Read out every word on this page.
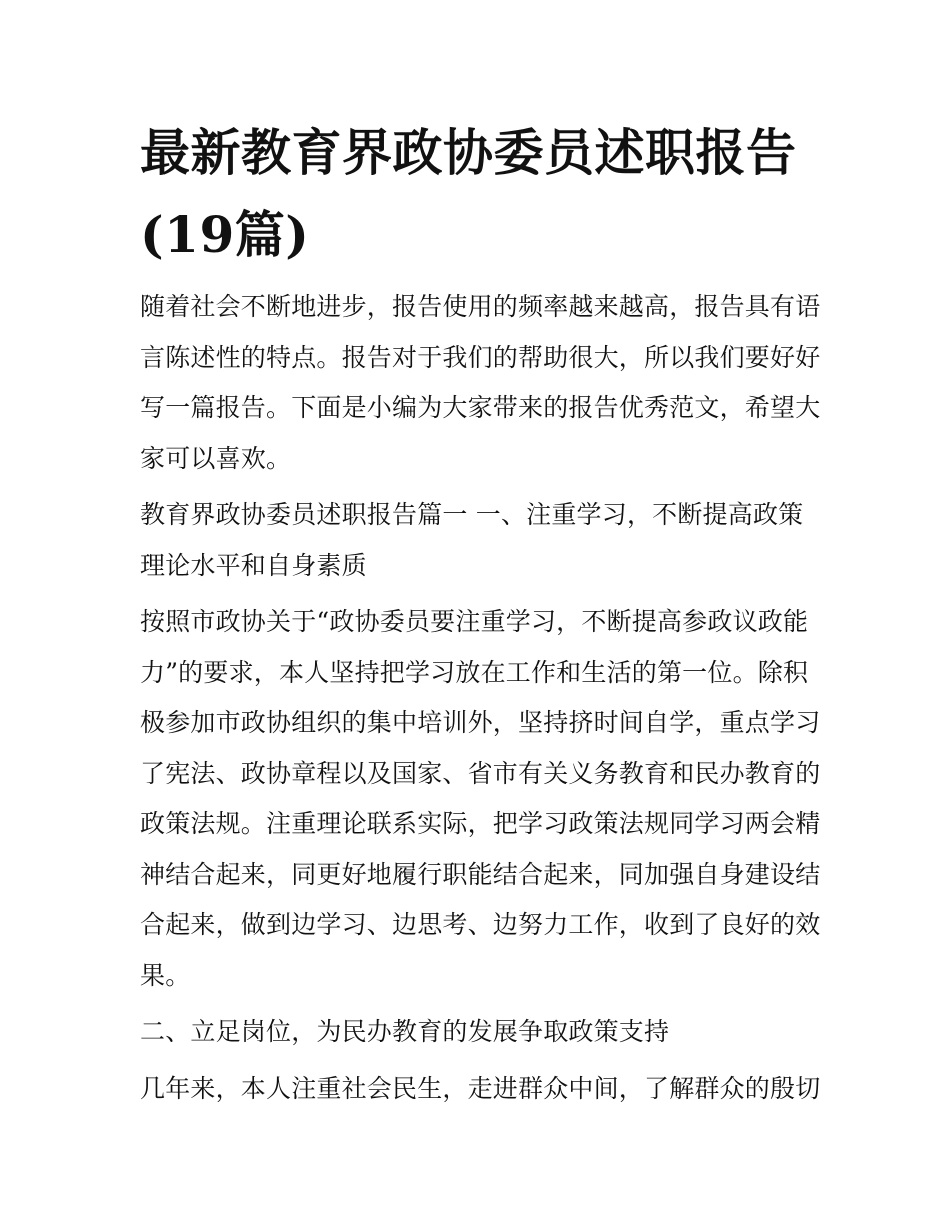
最新教育界政协委员述职报告
(19篇)

随着社会不断地进步，报告使用的频率越来越高，报告具有语
言陈述性的特点。报告对于我们的帮助很大，所以我们要好好
写一篇报告。下面是小编为大家带来的报告优秀范文，希望大
家可以喜欢。

教育界政协委员述职报告篇一 一、注重学习，不断提高政策
理论水平和自身素质

按照市政协关于“政协委员要注重学习，不断提高参政议政能
力”的要求，本人坚持把学习放在工作和生活的第一位。除积
极参加市政协组织的集中培训外，坚持挤时间自学，重点学习
了宪法、政协章程以及国家、省市有关义务教育和民办教育的
政策法规。注重理论联系实际，把学习政策法规同学习两会精
神结合起来，同更好地履行职能结合起来，同加强自身建设结
合起来，做到边学习、边思考、边努力工作，收到了良好的效
果。

二、立足岗位，为民办教育的发展争取政策支持

几年来，本人注重社会民生，走进群众中间，了解群众的殷切
